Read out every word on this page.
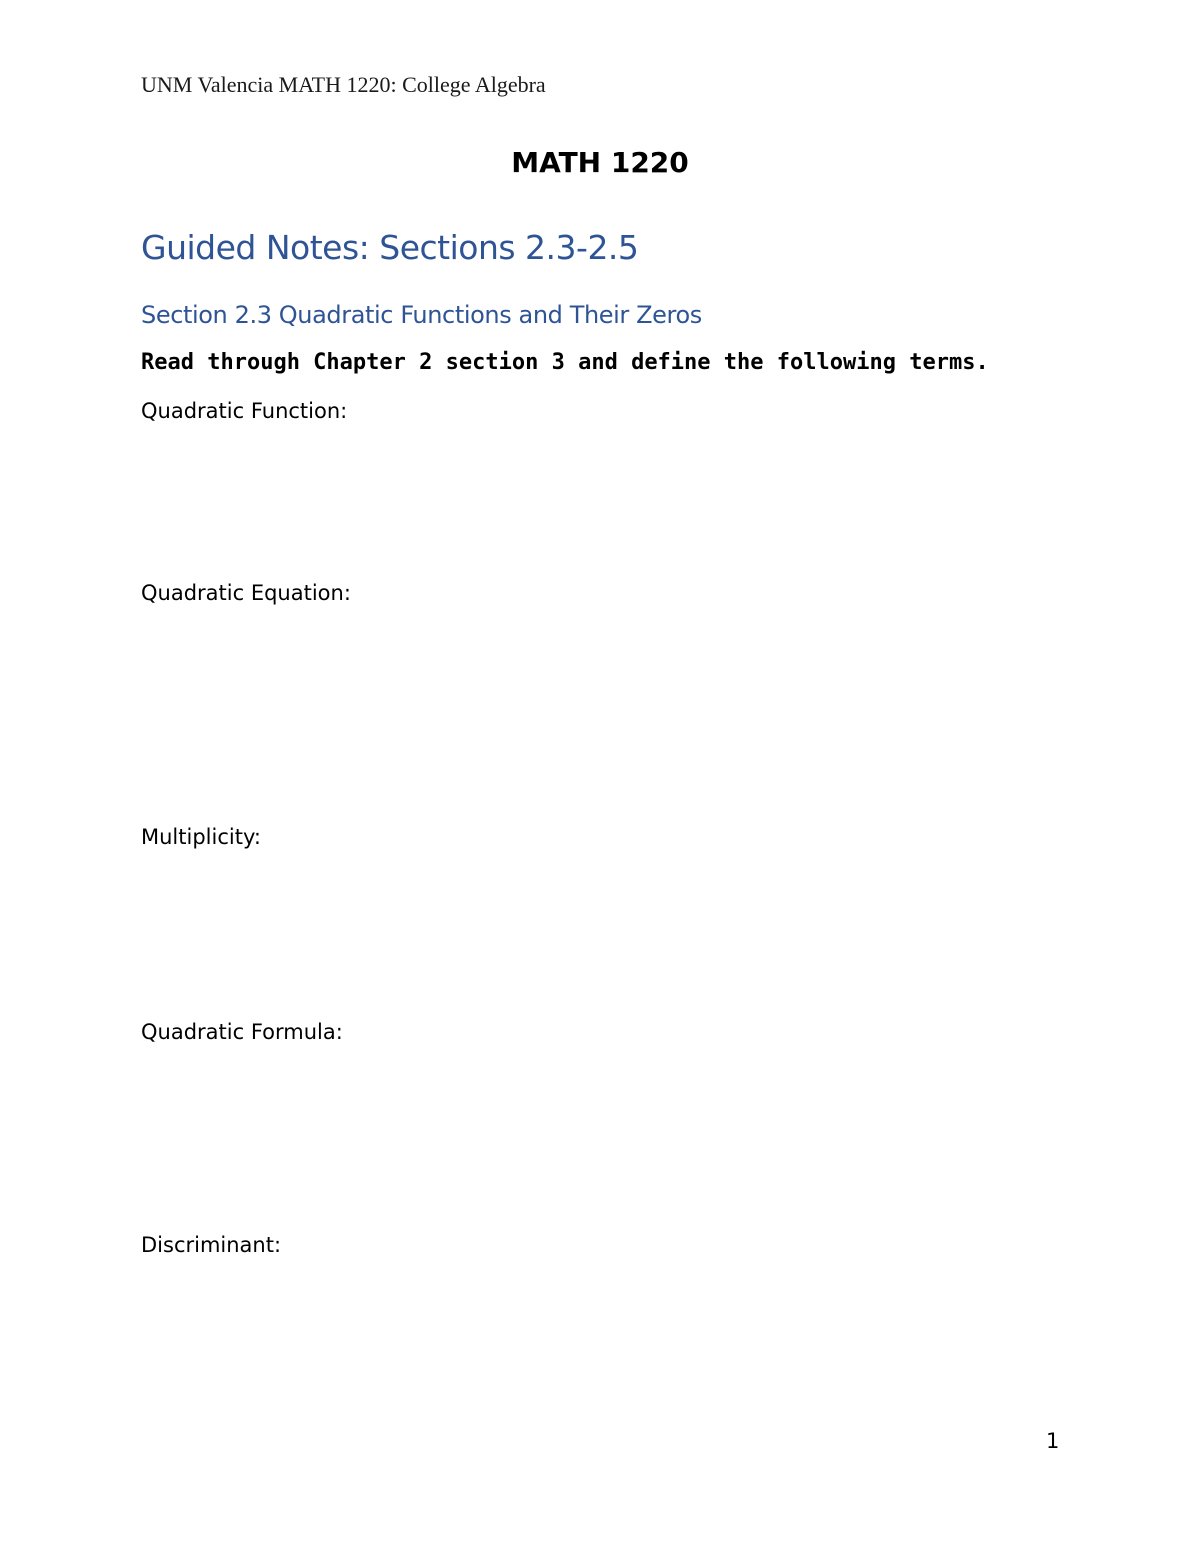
UNM Valencia MATH 1220: College Algebra
MATH 1220
Guided Notes: Sections 2.3-2.5
Section 2.3 Quadratic Functions and Their Zeros
Read through Chapter 2 section 3 and define the following terms.
Quadratic Function:
Quadratic Equation:
Multiplicity:
Quadratic Formula:
Discriminant:
1
